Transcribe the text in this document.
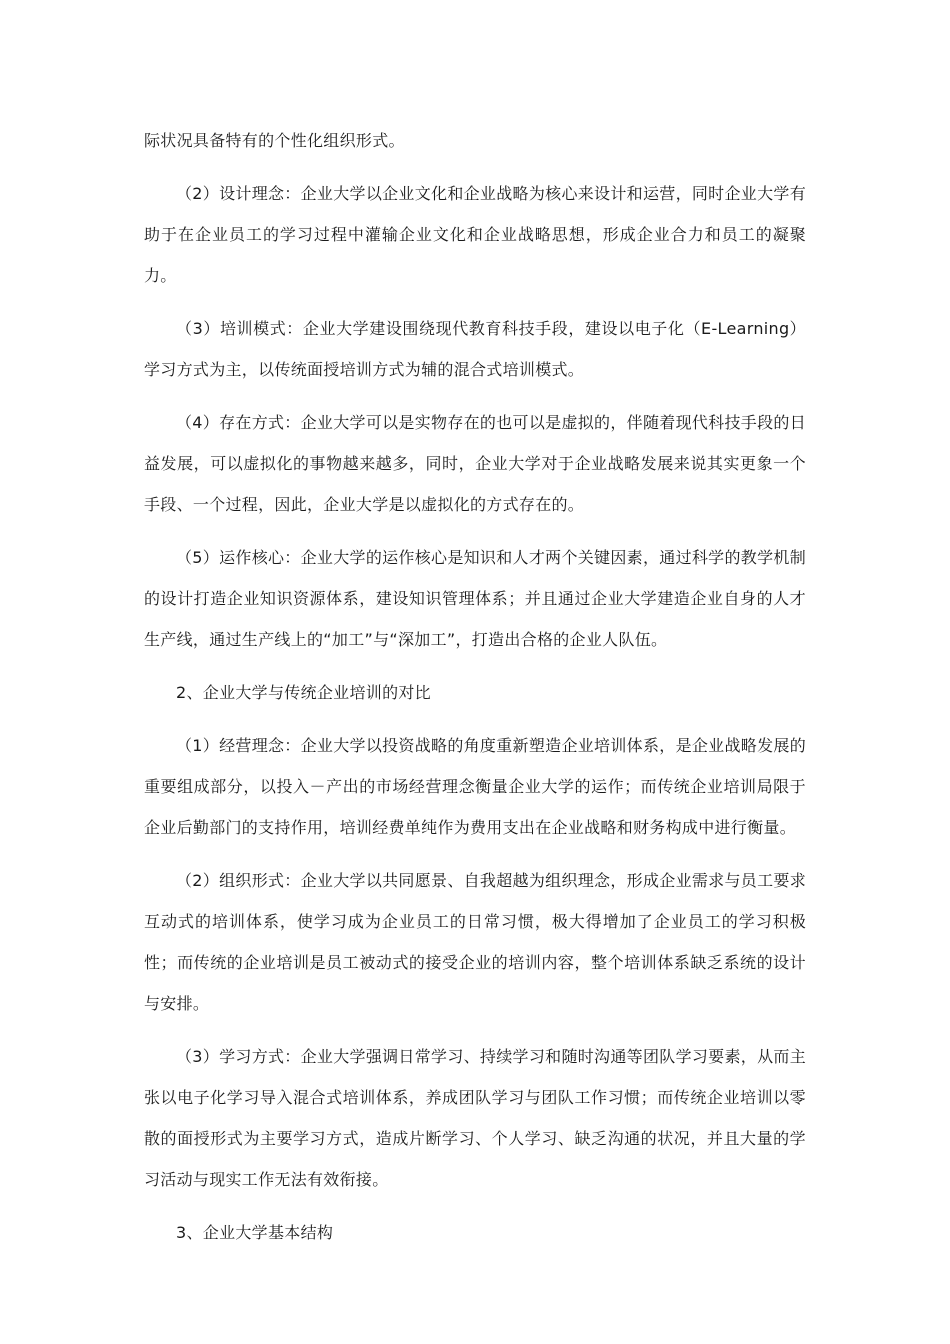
际状况具备特有的个性化组织形式。

（2）设计理念：企业大学以企业文化和企业战略为核心来设计和运营，同时企业大学有助于在企业员工的学习过程中灌输企业文化和企业战略思想，形成企业合力和员工的凝聚力。

（3）培训模式：企业大学建设围绕现代教育科技手段，建设以电子化（E-Learning）学习方式为主，以传统面授培训方式为辅的混合式培训模式。

（4）存在方式：企业大学可以是实物存在的也可以是虚拟的，伴随着现代科技手段的日益发展，可以虚拟化的事物越来越多，同时，企业大学对于企业战略发展来说其实更象一个手段、一个过程，因此，企业大学是以虚拟化的方式存在的。

（5）运作核心：企业大学的运作核心是知识和人才两个关键因素，通过科学的教学机制的设计打造企业知识资源体系，建设知识管理体系；并且通过企业大学建造企业自身的人才生产线，通过生产线上的“加工”与“深加工”，打造出合格的企业人队伍。

2、企业大学与传统企业培训的对比

（1）经营理念：企业大学以投资战略的角度重新塑造企业培训体系，是企业战略发展的重要组成部分，以投入－产出的市场经营理念衡量企业大学的运作；而传统企业培训局限于企业后勤部门的支持作用，培训经费单纯作为费用支出在企业战略和财务构成中进行衡量。

（2）组织形式：企业大学以共同愿景、自我超越为组织理念，形成企业需求与员工要求互动式的培训体系，使学习成为企业员工的日常习惯，极大得增加了企业员工的学习积极性；而传统的企业培训是员工被动式的接受企业的培训内容，整个培训体系缺乏系统的设计与安排。

（3）学习方式：企业大学强调日常学习、持续学习和随时沟通等团队学习要素，从而主张以电子化学习导入混合式培训体系，养成团队学习与团队工作习惯；而传统企业培训以零散的面授形式为主要学习方式，造成片断学习、个人学习、缺乏沟通的状况，并且大量的学习活动与现实工作无法有效衔接。

3、企业大学基本结构
